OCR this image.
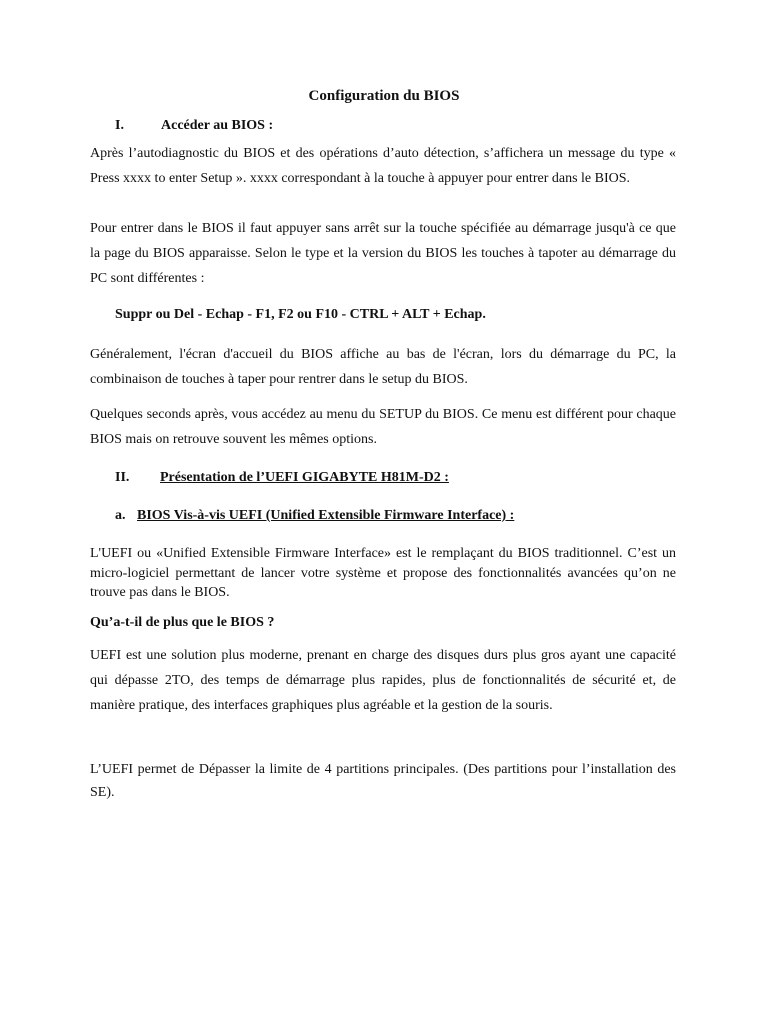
Configuration du BIOS
I.	Accéder au BIOS :

Après l’autodiagnostic du BIOS et des opérations d’auto détection, s’affichera un message du type « Press xxxx to enter Setup ». xxxx correspondant à la touche à appuyer pour entrer dans le BIOS.

Pour entrer dans le BIOS il faut appuyer sans arrêt sur la touche spécifiée au démarrage jusqu'à ce que la page du BIOS apparaisse. Selon le type et la version du BIOS les touches à tapoter au démarrage du PC sont différentes :

Suppr ou Del - Echap - F1, F2 ou F10 - CTRL + ALT + Echap.

Généralement, l'écran d'accueil du BIOS affiche au bas de l'écran, lors du démarrage du PC, la combinaison de touches à taper pour rentrer dans le setup du BIOS.

Quelques seconds après, vous accédez au menu du SETUP du BIOS. Ce menu est différent pour chaque BIOS mais on retrouve souvent les mêmes options.

II. Présentation de l’UEFI GIGABYTE H81M-D2 :
a. BIOS Vis-à-vis UEFI (Unified Extensible Firmware Interface) :

L'UEFI ou «Unified Extensible Firmware Interface» est le remplaçant du BIOS traditionnel. C’est un micro-logiciel permettant de lancer votre système et propose des fonctionnalités avancées qu’on ne trouve pas dans le BIOS.

Qu’a-t-il de plus que le BIOS ?

UEFI est une solution plus moderne, prenant en charge des disques durs plus gros ayant une capacité qui dépasse 2TO, des temps de démarrage plus rapides, plus de fonctionnalités de sécurité et, de manière pratique, des interfaces graphiques plus agréable et la gestion de la souris.

L’UEFI permet de Dépasser la limite de 4 partitions principales. (Des partitions pour l’installation des SE).
